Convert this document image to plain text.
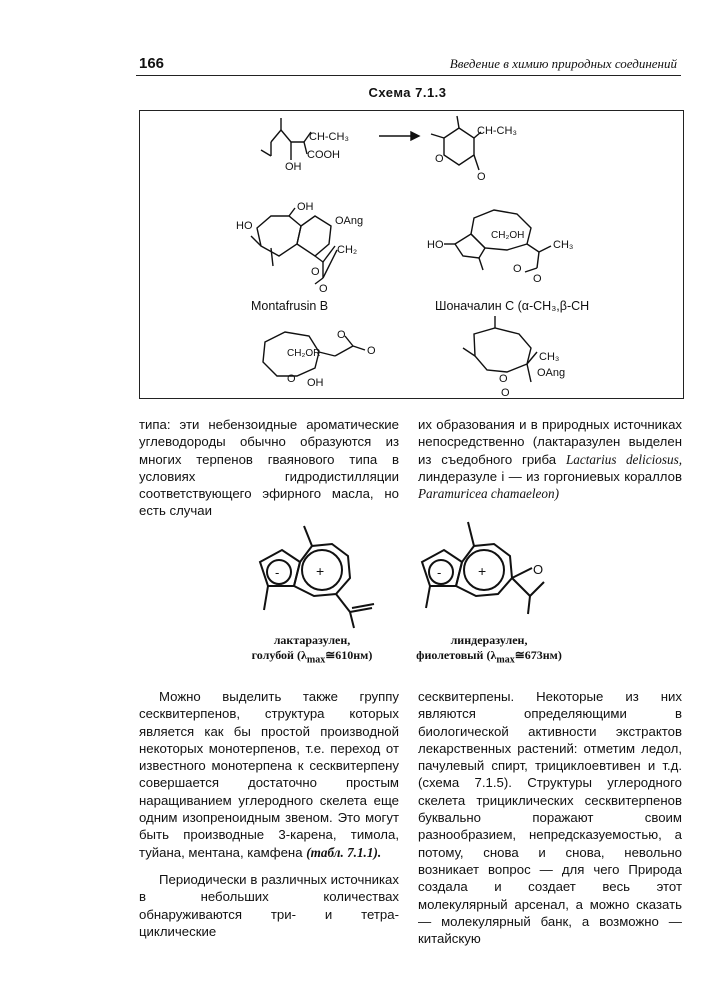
166	Введение в химию природных соединений
Схема 7.1.3
CH-CH₃
COOH
OH
CH-CH₃
O
O
HO
OH
OAng
CH₂
O
O
CH₂OH
HO	CH₃
O
O
Montafrusin B	Шоначалин С (α-CH₃,β-CH
CH₂OR
O
O
OH
O
CH₃
OAng
O
O

типа: эти небензоидные ароматические углеводороды обычно образуются из многих терпенов гваянового типа в условиях гидродистилляции соответствующего эфирного масла, но есть случаи

их образования и в природных источниках непосредственно (лактаразулен выделен из съедобного гриба Lactarius deliciosus, линдеразуле і — из горгониевых кораллов Paramuriceа chamaeleon)

-	+	-	+	O
лактаразулен,
голубой $(\lambda_{max}≅610нм)$
линдеразулен,
фиолетовый $(\lambda_{max}≅673нм)$

Можно выделить также группу сесквитерпенов, структура которых является как бы простой производной некоторых монотерпенов, т.е. переход от известного монотерпена к сесквитерпену совершается достаточно простым наращиванием углеродного скелета еще одним изопреноидным звеном. Это могут быть производные 3-карена, тимола, туйана, ментана, камфена (табл. 7.1.1).

Периодически в различных источниках в небольших количествах обнаруживаются три- и тетра-циклические

сесквитерпены. Некоторые из них являются определяющими в биологической активности экстрактов лекарственных растений: отметим ледол, пачулевый спирт, трициклоевтивен и т.д. (схема 7.1.5). Структуры углеродного скелета трициклических сесквитерпенов буквально поражают своим разнообразием, непредсказуемостью, а потому, снова и снова, невольно возникает вопрос — для чего Природа создала и создает весь этот молекулярный арсенал, а можно сказать — молекулярный банк, а возможно — китайскую
